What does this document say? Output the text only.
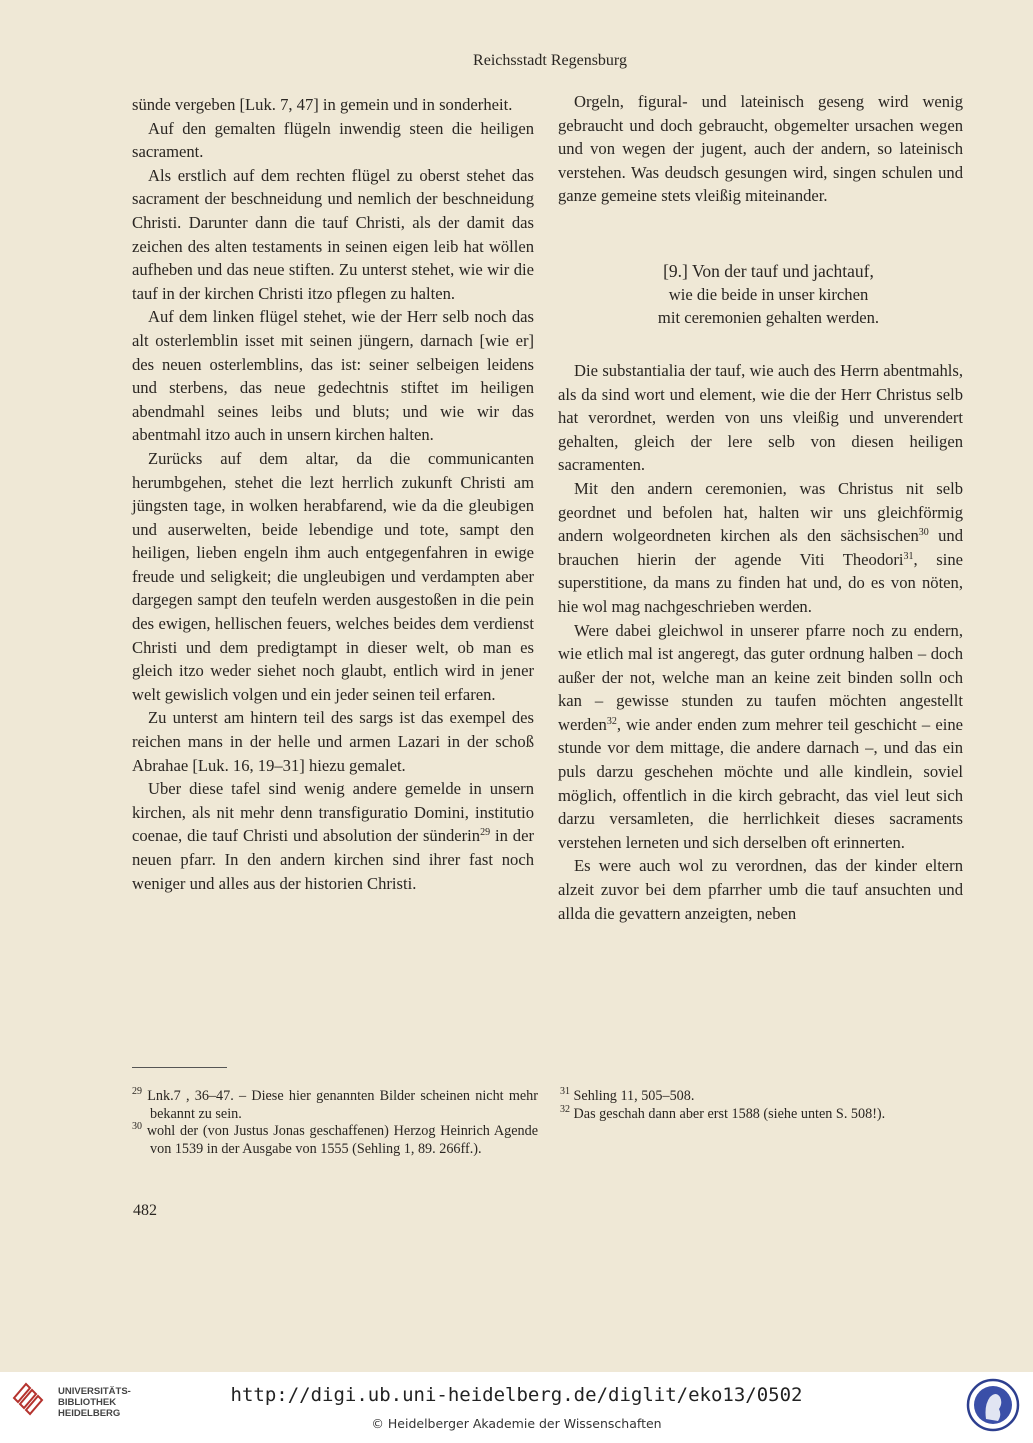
Reichsstadt Regensburg

sünde vergeben [Luk. 7, 47] in gemein und in sonderheit.

Auf den gemalten flügeln inwendig steen die heiligen sacrament.

Als erstlich auf dem rechten flügel zu oberst stehet das sacrament der beschneidung und nemlich der beschneidung Christi. Darunter dann die tauf Christi, als der damit das zeichen des alten testaments in seinen eigen leib hat wöllen aufheben und das neue stiften. Zu unterst stehet, wie wir die tauf in der kirchen Christi itzo pflegen zu halten.

Auf dem linken flügel stehet, wie der Herr selb noch das alt osterlemblin isset mit seinen jüngern, darnach [wie er] des neuen osterlemblins, das ist: seiner selbeigen leidens und sterbens, das neue gedechtnis stiftet im heiligen abendmahl seines leibs und bluts; und wie wir das abentmahl itzo auch in unsern kirchen halten.

Zurücks auf dem altar, da die communicanten herumbgehen, stehet die lezt herrlich zukunft Christi am jüngsten tage, in wolken herabfarend, wie da die gleubigen und auserwelten, beide lebendige und tote, sampt den heiligen, lieben engeln ihm auch entgegenfahren in ewige freude und seligkeit; die ungleubigen und verdampten aber dargegen sampt den teufeln werden ausgestoßen in die pein des ewigen, hellischen feuers, welches beides dem verdienst Christi und dem predigtampt in dieser welt, ob man es gleich itzo weder siehet noch glaubt, entlich wird in jener welt gewislich volgen und ein jeder seinen teil erfaren.

Zu unterst am hintern teil des sargs ist das exempel des reichen mans in der helle und armen Lazari in der schoß Abrahae [Luk. 16, 19–31] hiezu gemalet.

Uber diese tafel sind wenig andere gemelde in unsern kirchen, als nit mehr denn transfiguratio Domini, institutio coenae, die tauf Christi und absolution der sünderin$^{29}$ in der neuen pfarr. In den andern kirchen sind ihrer fast noch weniger und alles aus der historien Christi.

Orgeln, figural- und lateinisch geseng wird wenig gebraucht und doch gebraucht, obgemelter ursachen wegen und von wegen der jugent, auch der andern, so lateinisch verstehen. Was deudsch gesungen wird, singen schulen und ganze gemeine stets vleißig miteinander.

[9.] Von der tauf und jachtauf,

wie die beide in unser kirchen

mit ceremonien gehalten werden.

Die substantialia der tauf, wie auch des Herrn abentmahls, als da sind wort und element, wie die der Herr Christus selb hat verordnet, werden von uns vleißig und unverendert gehalten, gleich der lere selb von diesen heiligen sacramenten.

Mit den andern ceremonien, was Christus nit selb geordnet und befolen hat, halten wir uns gleichförmig andern wolgeordneten kirchen als den sächsischen$^{30}$ und brauchen hierin der agende Viti Theodori$^{31}$, sine superstitione, da mans zu finden hat und, do es von nöten, hie wol mag nachgeschrieben werden.

Were dabei gleichwol in unserer pfarre noch zu endern, wie etlich mal ist angeregt, das guter ordnung halben – doch außer der not, welche man an keine zeit binden solln och kan – gewisse stunden zu taufen möchten angestellt werden$^{32}$, wie ander enden zum mehrer teil geschicht – eine stunde vor dem mittage, die andere darnach –, und das ein puls darzu geschehen möchte und alle kindlein, soviel möglich, offentlich in die kirch gebracht, das viel leut sich darzu versamleten, die herrlichkeit dieses sacraments verstehen lerneten und sich derselben oft erinnerten.

Es were auch wol zu verordnen, das der kinder eltern alzeit zuvor bei dem pfarrher umb die tauf ansuchten und allda die gevattern anzeigten, neben

$^{29}$ Lnk.7 , 36–47. – Diese hier genannten Bilder scheinen nicht mehr bekannt zu sein.

$^{30}$ wohl der (von Justus Jonas geschaffenen) Herzog Heinrich Agende von 1539 in der Ausgabe von 1555 (Sehling 1, 89. 266ff.).

$^{31}$ Sehling 11, 505–508.

$^{32}$ Das geschah dann aber erst 1588 (siehe unten S. 508!).

482
UNIVERSITÄTS-
BIBLIOTHEK
HEIDELBERG
http://digi.ub.uni-heidelberg.de/diglit/eko13/0502
© Heidelberger Akademie der Wissenschaften
